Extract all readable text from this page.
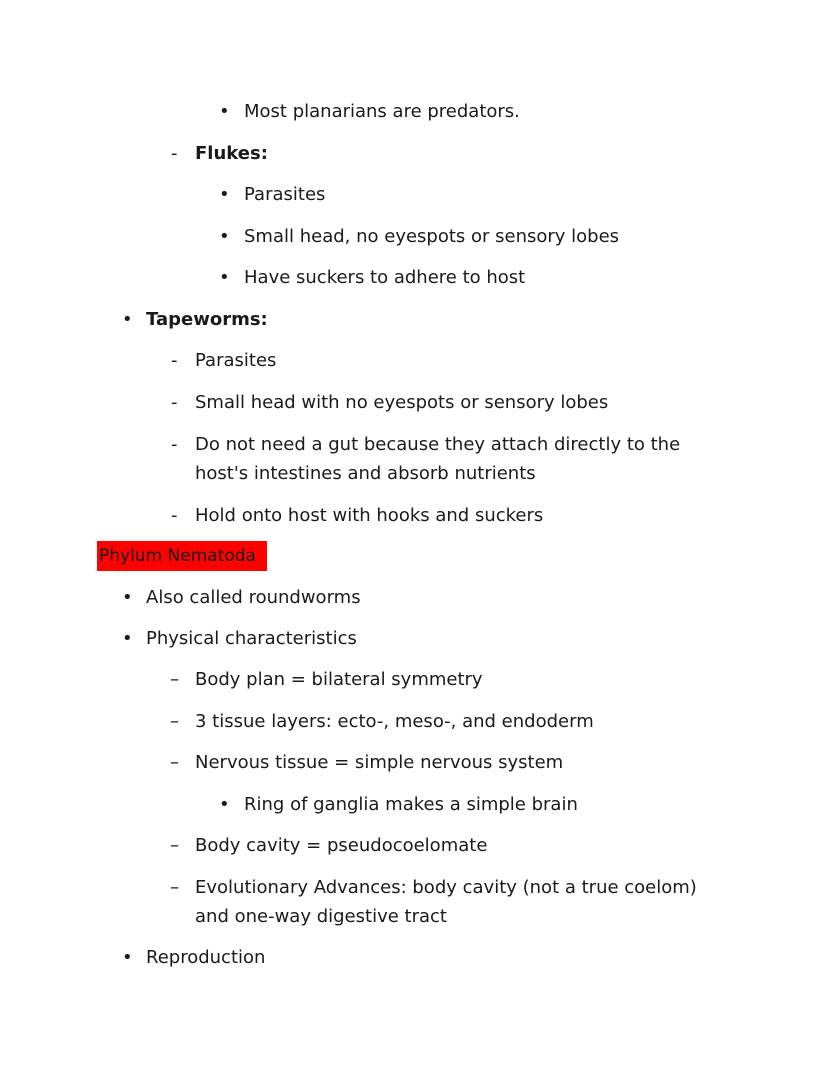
• Most planarians are predators.
- Flukes:
• Parasites
• Small head, no eyespots or sensory lobes
• Have suckers to adhere to host
• Tapeworms:
- Parasites
- Small head with no eyespots or sensory lobes
- Do not need a gut because they attach directly to the
host's intestines and absorb nutrients
- Hold onto host with hooks and suckers
Phylum Nematoda
• Also called roundworms
• Physical characteristics
– Body plan = bilateral symmetry
– 3 tissue layers: ecto-, meso-, and endoderm
– Nervous tissue = simple nervous system
• Ring of ganglia makes a simple brain
– Body cavity = pseudocoelomate
– Evolutionary Advances: body cavity (not a true coelom)
and one-way digestive tract
• Reproduction
